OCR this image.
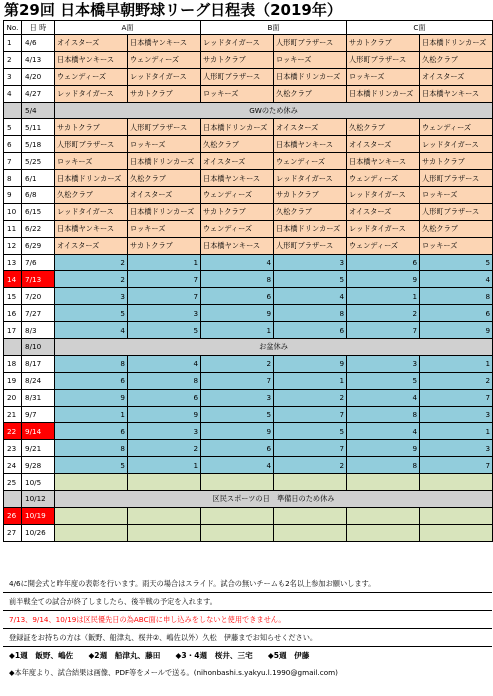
第29回 日本橋早朝野球リーグ日程表（2019年）
No.	日 時	A面		B面		C面	
1	4/6	オイスターズ	日本橋ヤンキース	レッドタイガース	人形町ブラザース	サカトクラブ	日本橋ドリンカーズ
2	4/13	日本橋ヤンキース	ウェンディーズ	サカトクラブ	ロッキーズ	人形町ブラザース	久松クラブ
3	4/20	ウェンディーズ	レッドタイガース	人形町ブラザース	日本橋ドリンカーズ	ロッキーズ	オイスターズ
4	4/27	レッドタイガース	サカトクラブ	ロッキーズ	久松クラブ	日本橋ドリンカーズ	日本橋ヤンキース
	5/4	GWのため休み					
5	5/11	サカトクラブ	人形町ブラザース	日本橋ドリンカーズ	オイスターズ	久松クラブ	ウェンディーズ
6	5/18	人形町ブラザース	ロッキーズ	久松クラブ	日本橋ヤンキース	オイスターズ	レッドタイガース
7	5/25	ロッキーズ	日本橋ドリンカーズ	オイスターズ	ウェンディーズ	日本橋ヤンキース	サカトクラブ
8	6/1	日本橋ドリンカーズ	久松クラブ	日本橋ヤンキース	レッドタイガース	ウェンディーズ	人形町ブラザース
9	6/8	久松クラブ	オイスターズ	ウェンディーズ	サカトクラブ	レッドタイガース	ロッキーズ
10	6/15	レッドタイガース	日本橋ドリンカーズ	サカトクラブ	久松クラブ	オイスターズ	人形町ブラザース
11	6/22	日本橋ヤンキース	ロッキーズ	ウェンディーズ	日本橋ドリンカーズ	レッドタイガース	久松クラブ
12	6/29	オイスターズ	サカトクラブ	日本橋ヤンキース	人形町ブラザース	ウェンディーズ	ロッキーズ
13	7/6	2	1	4	3	6	5
14	7/13	2	7	8	5	9	4
15	7/20	3	7	6	4	1	8
16	7/27	5	3	9	8	2	6
17	8/3	4	5	1	6	7	9
	8/10	お盆休み					
18	8/17	8	4	2	9	3	1
19	8/24	6	8	7	1	5	2
20	8/31	9	6	3	2	4	7
21	9/7	1	9	5	7	8	3
22	9/14	6	3	9	5	4	1
23	9/21	8	2	6	7	9	3
24	9/28	5	1	4	2	8	7
25	10/5						
	10/12	区民スポーツの日　準備日のため休み					
26	10/19						
27	10/26						
4/6に開会式と昨年度の表彰を行います。雨天の場合はスライド。試合の無いチームも2名以上参加お願いします。
前半戦全ての試合が終了しましたら、後半戦の予定を入れます。
7/13、9/14、10/19は区民優先日の為ABC面に申し込みをしないと使用できません。
登録証をお持ちの方は（飯野、船津丸、桜井②、嶋佐以外）久松　伊藤までお知らせください。
◆1週　飯野、嶋佐　　◆2週　船津丸、藤田　　◆3・4週　桜井、三宅　　◆5週　伊藤
◆本年度より、試合結果は画像、PDF等をメールで送る。(nihonbashi.s.yakyu.l.1990@gmail.com)
